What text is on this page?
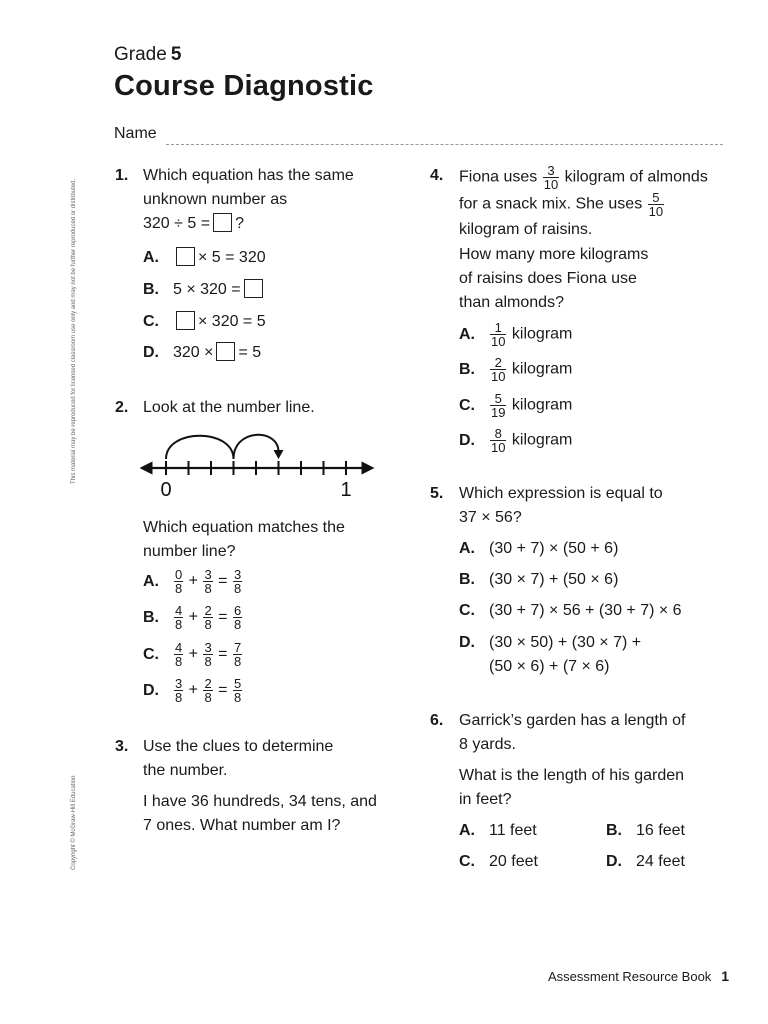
Grade 5
Course Diagnostic
Name
This material may be reproduced for licensed classroom use only and may not be further reproduced or distributed.
Copyright © McGraw-Hill Education
1. Which equation has the same
unknown number as
320 ÷ 5 = ?
A. × 5 = 320
B. 5 × 320 =
C. × 320 = 5
D. 320 × = 5
2. Look at the number line.
0	1
Which equation matches the
number line?
A. $\frac{0}{8} + \frac{3}{8} = \frac{3}{8}$
B. $\frac{4}{8} + \frac{2}{8} = \frac{6}{8}$
C. $\frac{4}{8} + \frac{3}{8} = \frac{7}{8}$
D. $\frac{3}{8} + \frac{2}{8} = \frac{5}{8}$
3. Use the clues to determine
the number.
I have 36 hundreds, 34 tens, and
7 ones. What number am I?
4. Fiona uses $\frac{3}{10}$ kilogram of almonds
for a snack mix. She uses $\frac{5}{10}$
kilogram of raisins.
How many more kilograms
of raisins does Fiona use
than almonds?
A. $\frac{1}{10}$ kilogram
B. $\frac{2}{10}$ kilogram
C. $\frac{5}{19}$ kilogram
D. $\frac{8}{10}$ kilogram
5. Which expression is equal to
37 × 56?
A. (30 + 7) × (50 + 6)
B. (30 × 7) + (50 × 6)
C. (30 + 7) × 56 + (30 + 7) × 6
D. (30 × 50) + (30 × 7) +
(50 × 6) + (7 × 6)
6. Garrick’s garden has a length of
8 yards.
What is the length of his garden
in feet?
A. 11 feet	B. 16 feet
C. 20 feet	D. 24 feet
Assessment Resource Book 1
